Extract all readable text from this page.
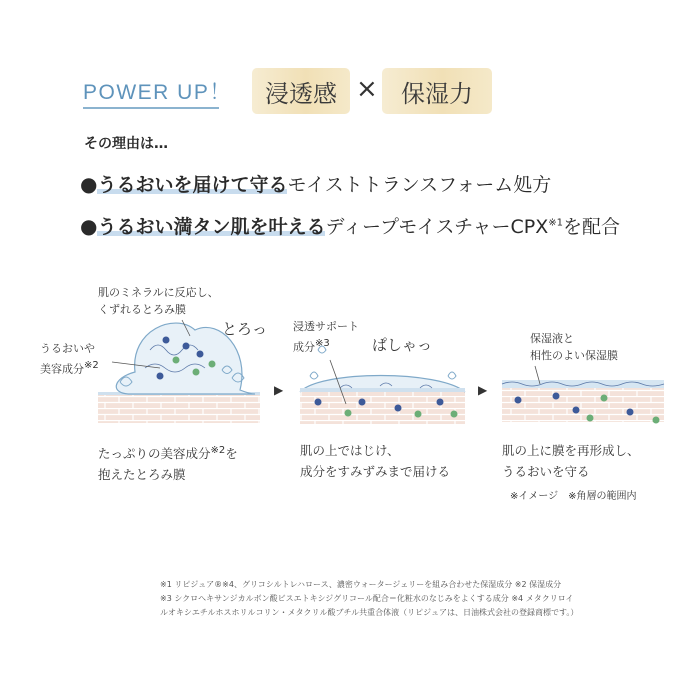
POWER UP！	浸透感 × 保湿力
その理由は…
●うるおいを届けて守るモイストトランスフォーム処方
●うるおい満タン肌を叶えるディープモイスチャーCPX$^{※1}$を配合
▶	▶
肌のミネラルに反応し、
くずれるとろみ膜
うるおいや
美容成分$^{※2}$
とろっ
たっぷりの美容成分$^{※2}$を
抱えたとろみ膜
浸透サポート
成分$^{※3}$	ぱしゃっ
肌の上ではじけ、
成分をすみずみまで届ける
保湿液と
相性のよい保湿膜
肌の上に膜を再形成し、
うるおいを守る
※イメージ　※角層の範囲内
※1 リピジュア®※4、グリコシルトレハロース、濃密ウォータージェリーを組み合わせた保湿成分 ※2 保湿成分
※3 シクロヘキサンジカルボン酸ビスエトキシジグリコール配合＝化粧水のなじみをよくする成分 ※4 メタクリロイ
ルオキシエチルホスホリルコリン・メタクリル酸ブチル共重合体液（リピジュアは、日油株式会社の登録商標です。）
